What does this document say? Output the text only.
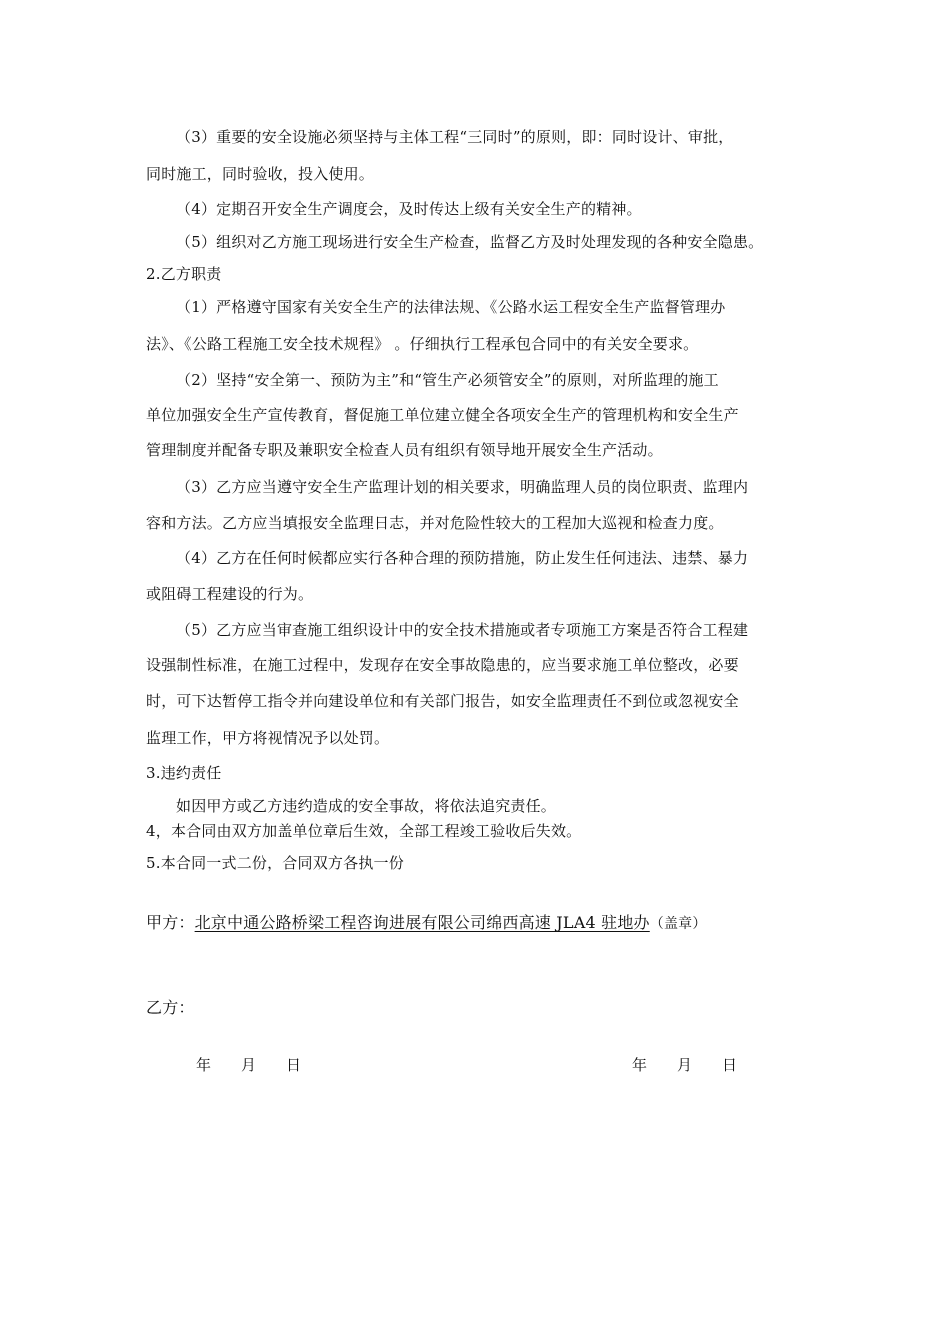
（3）重要的安全设施必须坚持与主体工程“三同时”的原则，即：同时设计、审批，
同时施工，同时验收，投入使用。
（4）定期召开安全生产调度会，及时传达上级有关安全生产的精神。
（5）组织对乙方施工现场进行安全生产检查，监督乙方及时处理发现的各种安全隐患。
2.乙方职责
（1）严格遵守国家有关安全生产的法律法规、《公路水运工程安全生产监督管理办
法》、《公路工程施工安全技术规程》 。仔细执行工程承包合同中的有关安全要求。
（2）坚持“安全第一、预防为主”和“管生产必须管安全”的原则，对所监理的施工
单位加强安全生产宣传教育，督促施工单位建立健全各项安全生产的管理机构和安全生产
管理制度并配备专职及兼职安全检查人员有组织有领导地开展安全生产活动。
（3）乙方应当遵守安全生产监理计划的相关要求，明确监理人员的岗位职责、监理内
容和方法。乙方应当填报安全监理日志，并对危险性较大的工程加大巡视和检查力度。
（4）乙方在任何时候都应实行各种合理的预防措施，防止发生任何违法、违禁、暴力
或阻碍工程建设的行为。
（5）乙方应当审查施工组织设计中的安全技术措施或者专项施工方案是否符合工程建
设强制性标准，在施工过程中，发现存在安全事故隐患的，应当要求施工单位整改，必要
时，可下达暂停工指令并向建设单位和有关部门报告，如安全监理责任不到位或忽视安全
监理工作，甲方将视情况予以处罚。
3.违约责任
如因甲方或乙方违约造成的安全事故，将依法追究责任。
4，本合同由双方加盖单位章后生效，全部工程竣工验收后失效。
5.本合同一式二份，合同双方各执一份
甲方：北京中通公路桥梁工程咨询进展有限公司绵西高速 JLA4 驻地办（盖章）
乙方：
年 月 日	年 月 日
